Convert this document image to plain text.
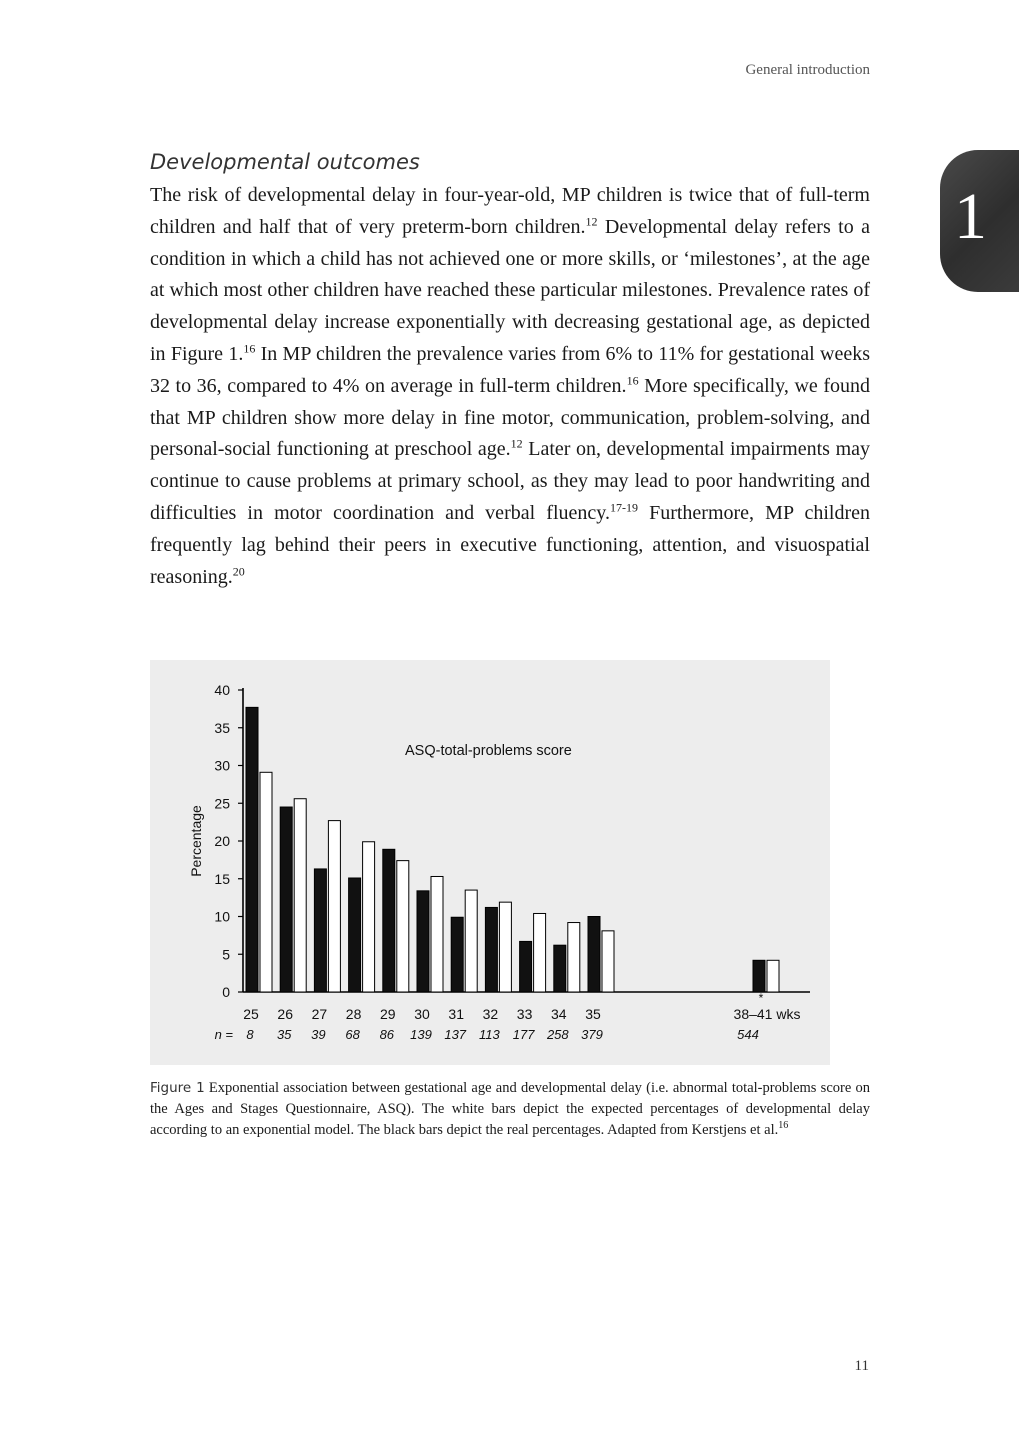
General introduction
1
Developmental outcomes

The risk of developmental delay in four-year-old, MP children is twice that of full-term children and half that of very preterm-born children.$^{12}$ Developmental delay refers to a condition in which a child has not achieved one or more skills, or ‘milestones’, at the age at which most other children have reached these particular milestones. Prevalence rates of developmental delay increase exponentially with decreasing gestational age, as depicted in Figure 1.16 In MP children the prevalence varies from 6% to 11% for gestational weeks 32 to 36, compared to 4% on average in full-term children.$^{16}$ More specifically, we found that MP children show more delay in fine motor, communication, problem-solving, and personal-social functioning at preschool age.$^{12}$ Later on, developmental impairments may continue to cause problems at primary school, as they may lead to poor handwriting and difficulties in motor coordination and verbal fluency.$^{17-19}$ Furthermore, MP children frequently lag behind their peers in executive functioning, attention, and visuospatial reasoning.$^{20}$

0
5
10
15
20
25
30
35
40
Percentage
ASQ-total-problems score
25
8
26
35
27
39
28
68
29
86
30
139
31
137
32
113
33
177
34
258
35
379
38–41 wks
544
n =
*

Figure 1 Exponential association between gestational age and developmental delay (i.e. abnormal total-problems score on the Ages and Stages Questionnaire, ASQ). The white bars depict the expected percentages of developmental delay according to an exponential model. The black bars depict the real percentages. Adapted from Kerstjens et al.$^{16}$

11
